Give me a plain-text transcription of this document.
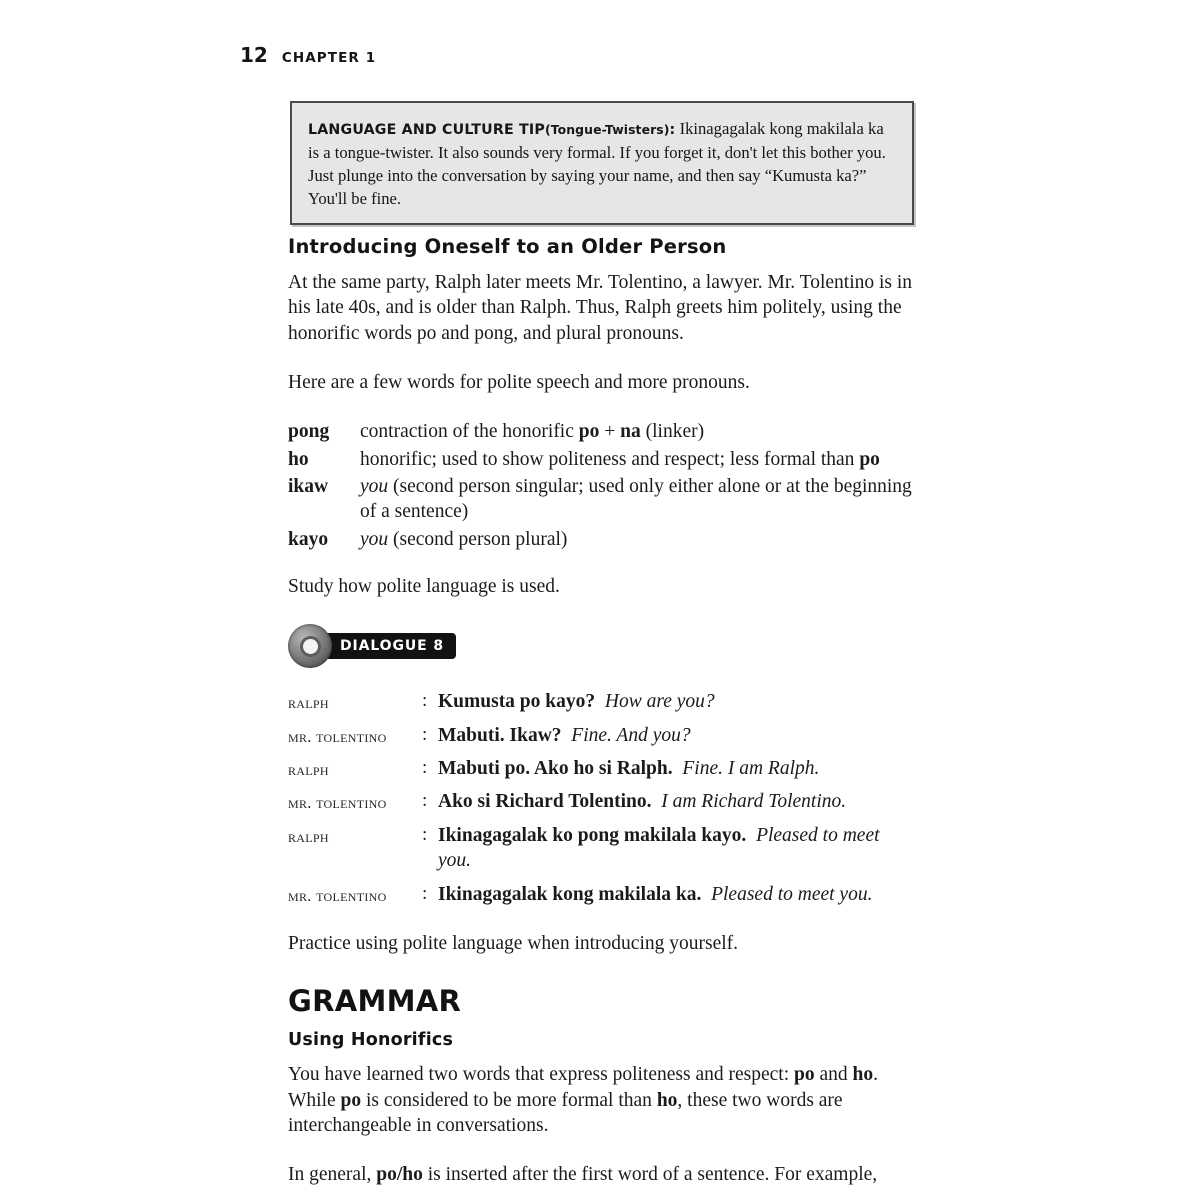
12 CHAPTER 1
LANGUAGE AND CULTURE TIP(Tongue-Twisters): Ikinagagalak kong makilala ka is a tongue-twister. It also sounds very formal. If you forget it, don't let this bother you. Just plunge into the conversation by saying your name, and then say “Kumusta ka?” You'll be fine.
Introducing Oneself to an Older Person

At the same party, Ralph later meets Mr. Tolentino, a lawyer. Mr. Tolentino is in his late 40s, and is older than Ralph. Thus, Ralph greets him politely, using the honorific words po and pong, and plural pronouns.

Here are a few words for polite speech and more pronouns.

pong	contraction of the honorific po + na (linker)
ho	honorific; used to show politeness and respect; less formal than po
ikaw	you (second person singular; used only either alone or at the beginning of a sentence)
kayo	you (second person plural)

Study how polite language is used.

DIALOGUE 8
ralph	: Kumusta po kayo? How are you?
mr. tolentino	: Mabuti. Ikaw? Fine. And you?
ralph	: Mabuti po. Ako ho si Ralph. Fine. I am Ralph.
mr. tolentino	: Ako si Richard Tolentino. I am Richard Tolentino.
ralph	: Ikinagagalak ko pong makilala kayo. Pleased to meet you.
mr. tolentino	: Ikinagagalak kong makilala ka. Pleased to meet you.

Practice using polite language when introducing yourself.

GRAMMAR
Using Honorifics

You have learned two words that express politeness and respect: po and ho. While po is considered to be more formal than ho, these two words are interchangeable in conversations.

In general, po/ho is inserted after the first word of a sentence. For example,
